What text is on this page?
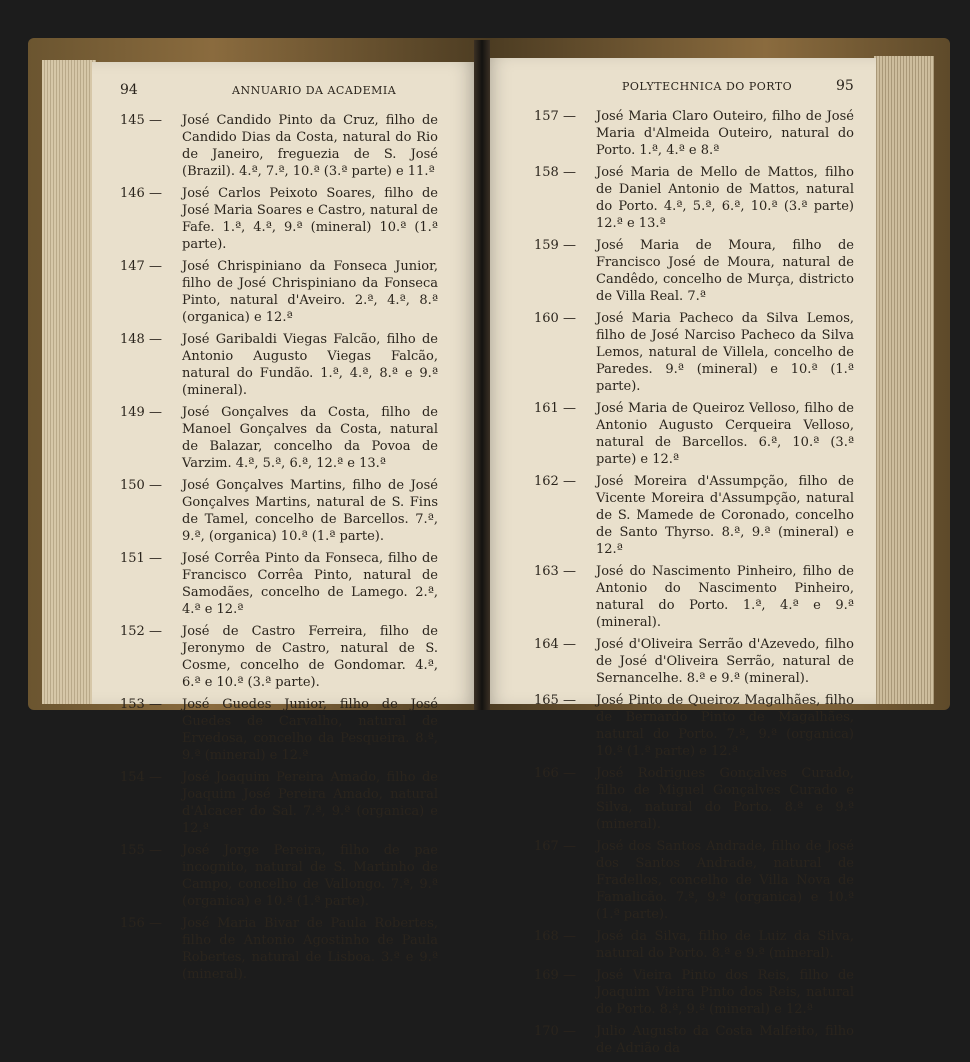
94	ANNUARIO DA ACADEMIA
145 — José Candido Pinto da Cruz, filho de Candido Dias da Costa, natural do Rio de Janeiro, freguezia de S. José (Brazil). 4.ª, 7.ª, 10.ª (3.ª parte) e 11.ª
146 — José Carlos Peixoto Soares, filho de José Maria Soares e Castro, natural de Fafe. 1.ª, 4.ª, 9.ª (mineral) 10.ª (1.ª parte).
147 — José Chrispiniano da Fonseca Junior, filho de José Chrispiniano da Fonseca Pinto, natural d'Aveiro. 2.ª, 4.ª, 8.ª (organica) e 12.ª
148 — José Garibaldi Viegas Falcão, filho de Antonio Augusto Viegas Falcão, natural do Fundão. 1.ª, 4.ª, 8.ª e 9.ª (mineral).
149 — José Gonçalves da Costa, filho de Manoel Gonçalves da Costa, natural de Balazar, concelho da Povoa de Varzim. 4.ª, 5.ª, 6.ª, 12.ª e 13.ª
150 — José Gonçalves Martins, filho de José Gonçalves Martins, natural de S. Fins de Tamel, concelho de Barcellos. 7.ª, 9.ª, (organica) 10.ª (1.ª parte).
151 — José Corrêa Pinto da Fonseca, filho de Francisco Corrêa Pinto, natural de Samodães, concelho de Lamego. 2.ª, 4.ª e 12.ª
152 — José de Castro Ferreira, filho de Jeronymo de Castro, natural de S. Cosme, concelho de Gondomar. 4.ª, 6.ª e 10.ª (3.ª parte).
153 — José Guedes Junior, filho de José Guedes de Carvalho, natural de Ervedosa, concelho da Pesqueira. 8.ª, 9.ª (mineral) e 12.ª
154 — José Joaquim Pereira Amado, filho de Joaquim José Pereira Amado, natural d'Alcacer do Sal. 7.ª, 9.ª (organica) e 12.ª
155 — José Jorge Pereira, filho de pae incognito, natural de S. Martinho de Campo, concelho de Vallongo. 7.ª, 9.ª (organica) e 10.ª (1.ª parte).
156 — José Maria Bivar de Paula Robertes, filho de Antonio Agostinho de Paula Robertes, natural de Lisboa. 3.ª e 9.ª (mineral).
POLYTECHNICA DO PORTO	95
157 — José Maria Claro Outeiro, filho de José Maria d'Almeida Outeiro, natural do Porto. 1.ª, 4.ª e 8.ª
158 — José Maria de Mello de Mattos, filho de Daniel Antonio de Mattos, natural do Porto. 4.ª, 5.ª, 6.ª, 10.ª (3.ª parte) 12.ª e 13.ª
159 — José Maria de Moura, filho de Francisco José de Moura, natural de Candêdo, concelho de Murça, districto de Villa Real. 7.ª
160 — José Maria Pacheco da Silva Lemos, filho de José Narciso Pacheco da Silva Lemos, natural de Villela, concelho de Paredes. 9.ª (mineral) e 10.ª (1.ª parte).
161 — José Maria de Queiroz Velloso, filho de Antonio Augusto Cerqueira Velloso, natural de Barcellos. 6.ª, 10.ª (3.ª parte) e 12.ª
162 — José Moreira d'Assumpção, filho de Vicente Moreira d'Assumpção, natural de S. Mamede de Coronado, concelho de Santo Thyrso. 8.ª, 9.ª (mineral) e 12.ª
163 — José do Nascimento Pinheiro, filho de Antonio do Nascimento Pinheiro, natural do Porto. 1.ª, 4.ª e 9.ª (mineral).
164 — José d'Oliveira Serrão d'Azevedo, filho de José d'Oliveira Serrão, natural de Sernancelhe. 8.ª e 9.ª (mineral).
165 — José Pinto de Queiroz Magalhães, filho de Bernardo Pinto de Magalhães, natural do Porto. 7.ª, 9.ª (organica) 10.ª (1.ª parte) e 12.ª
166 — José Rodrigues Gonçalves Curado, filho de Miguel Gonçalves Curado e Silva, natural do Porto. 8.ª e 9.ª (mineral).
167 — José dos Santos Andrade, filho de José dos Santos Andrade, natural de Fradellos, concelho de Villa Nova de Famalicão. 7.ª, 9.ª (organica) e 10.ª (1.ª parte).
168 — José da Silva, filho de Luiz da Silva, natural do Porto. 8.ª e 9.ª (mineral).
169 — José Vieira Pinto dos Reis, filho de Joaquim Vieira Pinto dos Reis, natural do Porto. 8.ª, 9.ª (mineral) e 12.ª
170 — Julio Augusto da Costa Malfeito, filho de Adrião da
